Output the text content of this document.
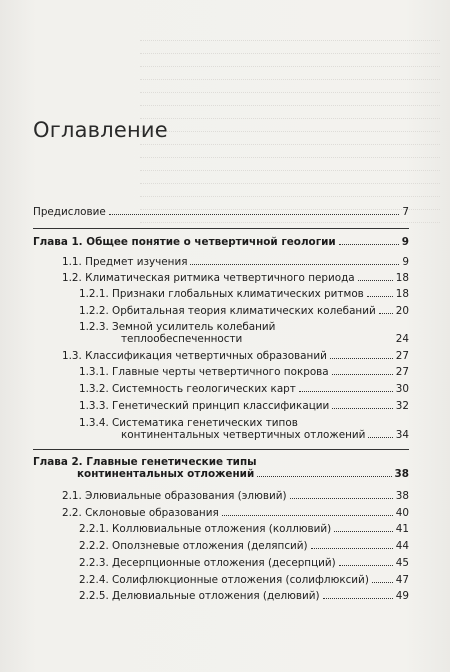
Оглавление
Предисловие	7
Глава 1. Общее понятие о четвертичной геологии	9
1.1. Предмет изучения	9
1.2. Климатическая ритмика четвертичного периода	18
1.2.1. Признаки глобальных климатических ритмов	18
1.2.2. Орбитальная теория климатических колебаний 20
1.2.3. Земной усилитель колебаний
теплообеспеченности	24
1.3. Классификация четвертичных образований	27
1.3.1. Главные черты четвертичного покрова	27
1.3.2. Системность геологических карт	30
1.3.3. Генетический принцип классификации	32
1.3.4. Систематика генетических типов
континентальных четвертичных отложений	34
Глава 2. Главные генетические типы
континентальных отложений	38
2.1. Элювиальные образования (элювий)	38
2.2. Склоновые образования	40
2.2.1. Коллювиальные отложения (коллювий)	41
2.2.2. Оползневые отложения (деляпсий)	44
2.2.3. Десерпционные отложения (десерпций)	45
2.2.4. Солифлюкционные отложения (солифлюксий)	47
2.2.5. Делювиальные отложения (делювий)	49
